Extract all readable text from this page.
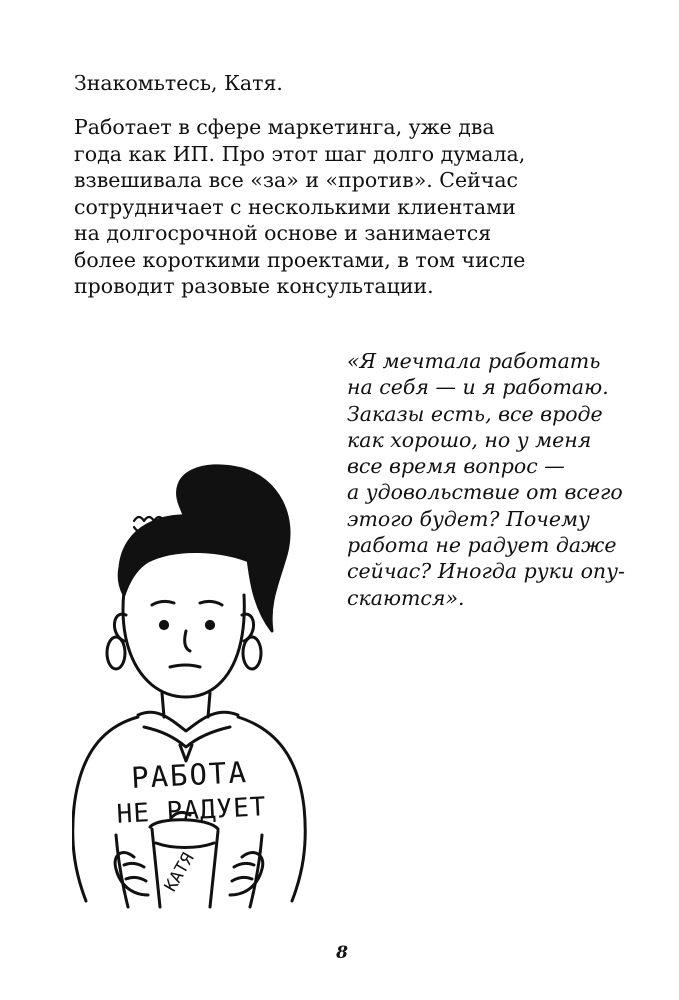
Знакомьтесь, Катя.

Работает в сфере маркетинга, уже два
года как ИП. Про этот шаг долго думала,
взвешивала все «за» и «против». Сейчас
сотрудничает с несколькими клиентами
на долгосрочной основе и занимается
более короткими проектами, в том числе
проводит разовые консультации.

«Я мечтала работать
на себя — и я работаю.
Заказы есть, все вроде
как хорошо, но у меня
все время вопрос —
а удовольствие от всего
этого будет? Почему
работа не радует даже
сейчас? Иногда руки опу-
скаются».

РАБОТА
НЕ РАДУЕТ
КАТЯ
8
